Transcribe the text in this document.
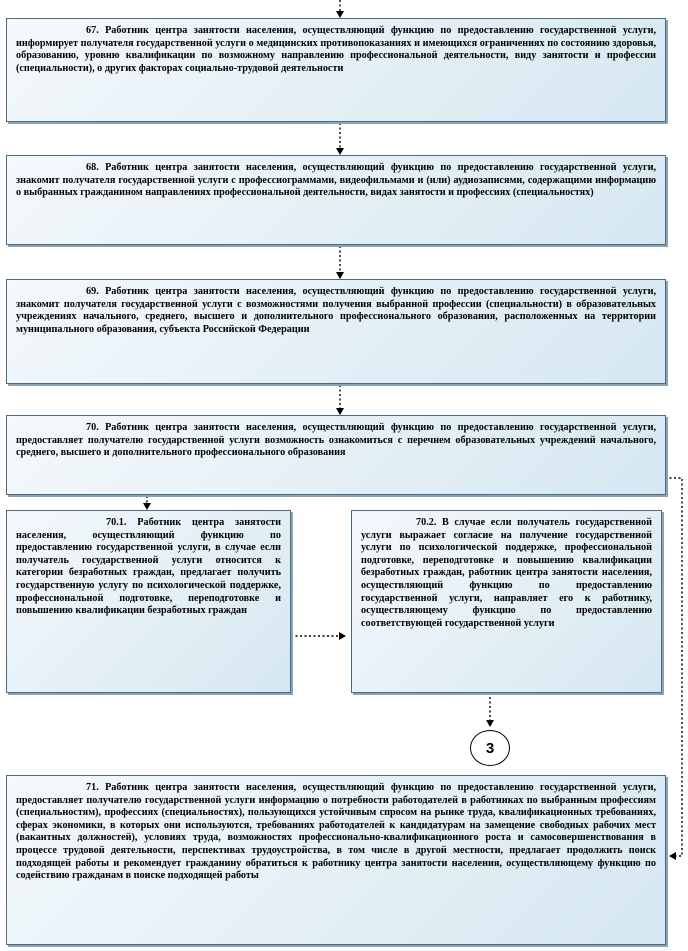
67. Работник центра занятости населения, осуществляющий функцию по предоставлению государственной услуги, информирует получателя государственной услуги о медицинских противопоказаниях и имеющихся ограничениях по состоянию здоровья, образованию, уровню квалификации по возможному направлению профессиональной деятельности, виду занятости и профессии (специальности), о других факторах социально-трудовой деятельности

68. Работник центра занятости населения, осуществляющий функцию по предоставлению государственной услуги, знакомит получателя государственной услуги с профессиограммами, видеофильмами и (или) аудиозаписями, содержащими информацию о выбранных гражданином направлениях профессиональной деятельности, видах занятости и профессиях (специальностях)

69. Работник центра занятости населения, осуществляющий функцию по предоставлению государственной услуги, знакомит получателя государственной услуги с возможностями получения выбранной профессии (специальности) в образовательных учреждениях начального, среднего, высшего и дополнительного профессионального образования, расположенных на территории муниципального образования, субъекта Российской Федерации

70. Работник центра занятости населения, осуществляющий функцию по предоставлению государственной услуги, предоставляет получателю государственной услуги возможность ознакомиться с перечнем образовательных учреждений начального, среднего, высшего и дополнительного профессионального образования

70.1. Работник центра занятости населения, осуществляющий функцию по предоставлению государственной услуги, в случае если получатель государственной услуги относится к категории безработных граждан, предлагает получить государственную услугу по психологической поддержке, профессиональной подготовке, переподготовке и повышению квалификации безработных граждан

70.2. В случае если получатель государственной услуги выражает согласие на получение государственной услуги по психологической поддержке, профессиональной подготовке, переподготовке и повышению квалификации безработных граждан, работник центра занятости населения, осуществляющий функцию по предоставлению государственной услуги, направляет его к работнику, осуществляющему функцию по предоставлению соответствующей государственной услуги

3

71. Работник центра занятости населения, осуществляющий функцию по предоставлению государственной услуги, предоставляет получателю государственной услуги информацию о потребности работодателей в работниках по выбранным профессиям (специальностям), профессиях (специальностях), пользующихся устойчивым спросом на рынке труда, квалификационных требованиях, сферах экономики, в которых они используются, требованиях работодателей к кандидатурам на замещение свободных рабочих мест (вакантных должностей), условиях труда, возможностях профессионально-квалификационного роста и самосовершенствования в процессе трудовой деятельности, перспективах трудоустройства, в том числе в другой местности, предлагает продолжить поиск подходящей работы и рекомендует гражданину обратиться к работнику центра занятости населения, осуществляющему функцию по содействию гражданам в поиске подходящей работы
